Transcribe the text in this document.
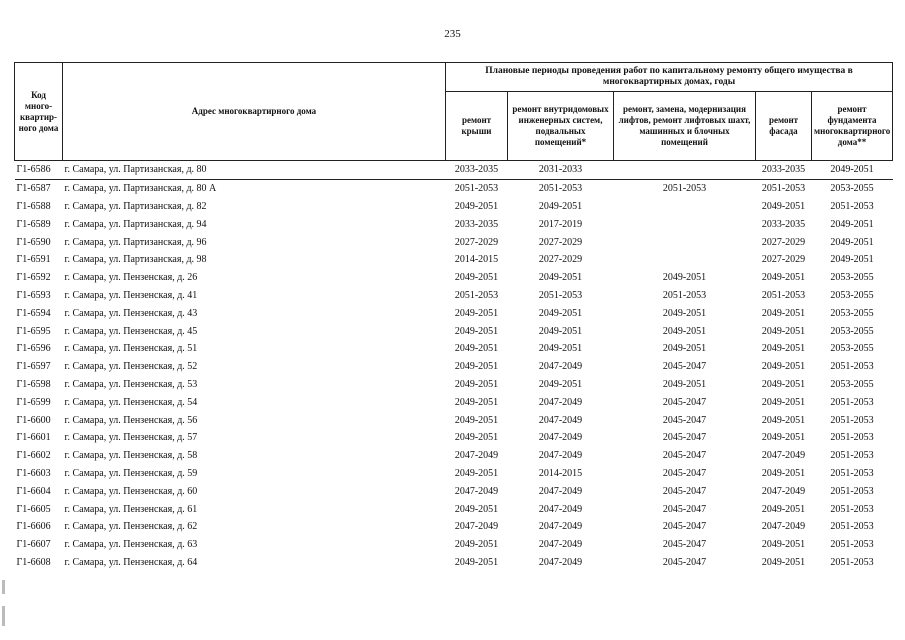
235
Код много-квартир-ного дома	Адрес многоквартирного дома	Плановые периоды проведения работ по капитальному ремонту общего имущества в многоквартирных домах, годы				
		ремонт крыши	ремонт внутридомовых инженерных систем, подвальных помещений*	ремонт, замена, модернизация лифтов, ремонт лифтовых шахт, машинных и блочных помещений	ремонт фасада	ремонт фундамента многоквартирного дома**
Г1-6586	г. Самара, ул. Партизанская, д. 80	2033-2035	2031-2033		2033-2035	2049-2051
Г1-6587	г. Самара, ул. Партизанская, д. 80 А	2051-2053	2051-2053	2051-2053	2051-2053	2053-2055
Г1-6588	г. Самара, ул. Партизанская, д. 82	2049-2051	2049-2051		2049-2051	2051-2053
Г1-6589	г. Самара, ул. Партизанская, д. 94	2033-2035	2017-2019		2033-2035	2049-2051
Г1-6590	г. Самара, ул. Партизанская, д. 96	2027-2029	2027-2029		2027-2029	2049-2051
Г1-6591	г. Самара, ул. Партизанская, д. 98	2014-2015	2027-2029		2027-2029	2049-2051
Г1-6592	г. Самара, ул. Пензенская, д. 26	2049-2051	2049-2051	2049-2051	2049-2051	2053-2055
Г1-6593	г. Самара, ул. Пензенская, д. 41	2051-2053	2051-2053	2051-2053	2051-2053	2053-2055
Г1-6594	г. Самара, ул. Пензенская, д. 43	2049-2051	2049-2051	2049-2051	2049-2051	2053-2055
Г1-6595	г. Самара, ул. Пензенская, д. 45	2049-2051	2049-2051	2049-2051	2049-2051	2053-2055
Г1-6596	г. Самара, ул. Пензенская, д. 51	2049-2051	2049-2051	2049-2051	2049-2051	2053-2055
Г1-6597	г. Самара, ул. Пензенская, д. 52	2049-2051	2047-2049	2045-2047	2049-2051	2051-2053
Г1-6598	г. Самара, ул. Пензенская, д. 53	2049-2051	2049-2051	2049-2051	2049-2051	2053-2055
Г1-6599	г. Самара, ул. Пензенская, д. 54	2049-2051	2047-2049	2045-2047	2049-2051	2051-2053
Г1-6600	г. Самара, ул. Пензенская, д. 56	2049-2051	2047-2049	2045-2047	2049-2051	2051-2053
Г1-6601	г. Самара, ул. Пензенская, д. 57	2049-2051	2047-2049	2045-2047	2049-2051	2051-2053
Г1-6602	г. Самара, ул. Пензенская, д. 58	2047-2049	2047-2049	2045-2047	2047-2049	2051-2053
Г1-6603	г. Самара, ул. Пензенская, д. 59	2049-2051	2014-2015	2045-2047	2049-2051	2051-2053
Г1-6604	г. Самара, ул. Пензенская, д. 60	2047-2049	2047-2049	2045-2047	2047-2049	2051-2053
Г1-6605	г. Самара, ул. Пензенская, д. 61	2049-2051	2047-2049	2045-2047	2049-2051	2051-2053
Г1-6606	г. Самара, ул. Пензенская, д. 62	2047-2049	2047-2049	2045-2047	2047-2049	2051-2053
Г1-6607	г. Самара, ул. Пензенская, д. 63	2049-2051	2047-2049	2045-2047	2049-2051	2051-2053
Г1-6608	г. Самара, ул. Пензенская, д. 64	2049-2051	2047-2049	2045-2047	2049-2051	2051-2053
